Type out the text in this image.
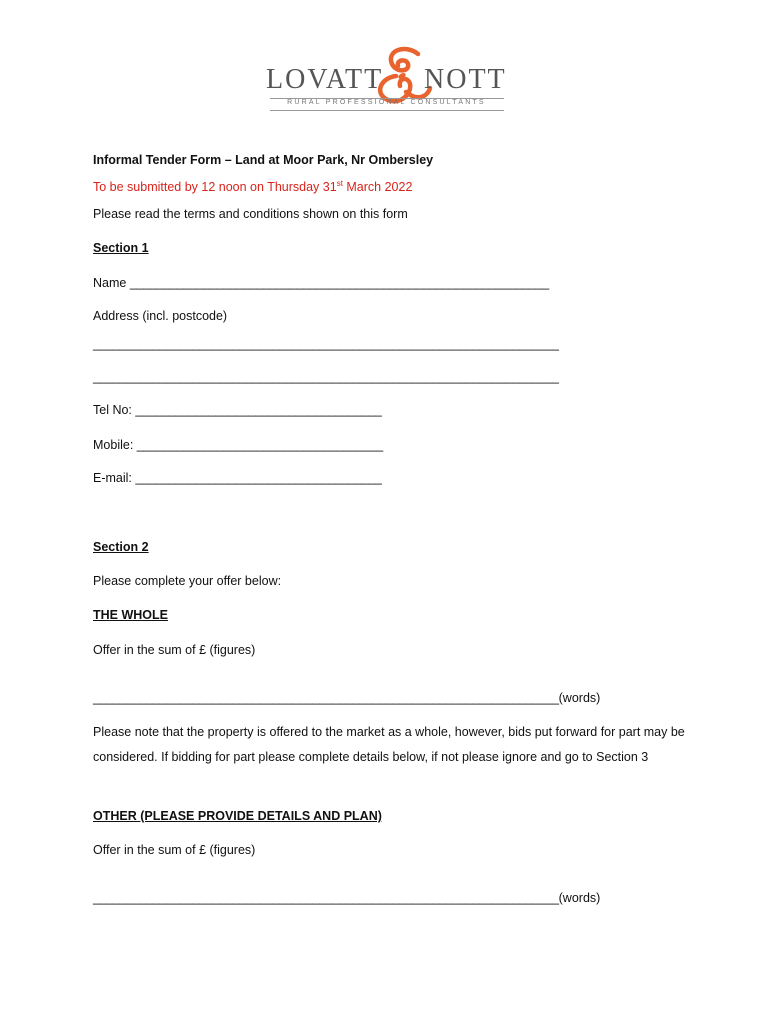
LOVATT NOTT
RURAL PROFESSIONAL CONSULTANTS
Informal Tender Form – Land at Moor Park, Nr Ombersley
To be submitted by 12 noon on Thursday 31st March 2022
Please read the terms and conditions shown on this form
Section 1
Name _______________________________________________________________
Address (incl. postcode)
______________________________________________________________________
______________________________________________________________________
Tel No: _____________________________________
Mobile: _____________________________________
E-mail: _____________________________________
Section 2
Please complete your offer below:
THE WHOLE
Offer in the sum of £ (figures)
______________________________________________________________________(words)
Please note that the property is offered to the market as a whole, however, bids put forward for part may be considered. If bidding for part please complete details below, if not please ignore and go to Section 3
OTHER (PLEASE PROVIDE DETAILS AND PLAN)
Offer in the sum of £ (figures)
______________________________________________________________________(words)
